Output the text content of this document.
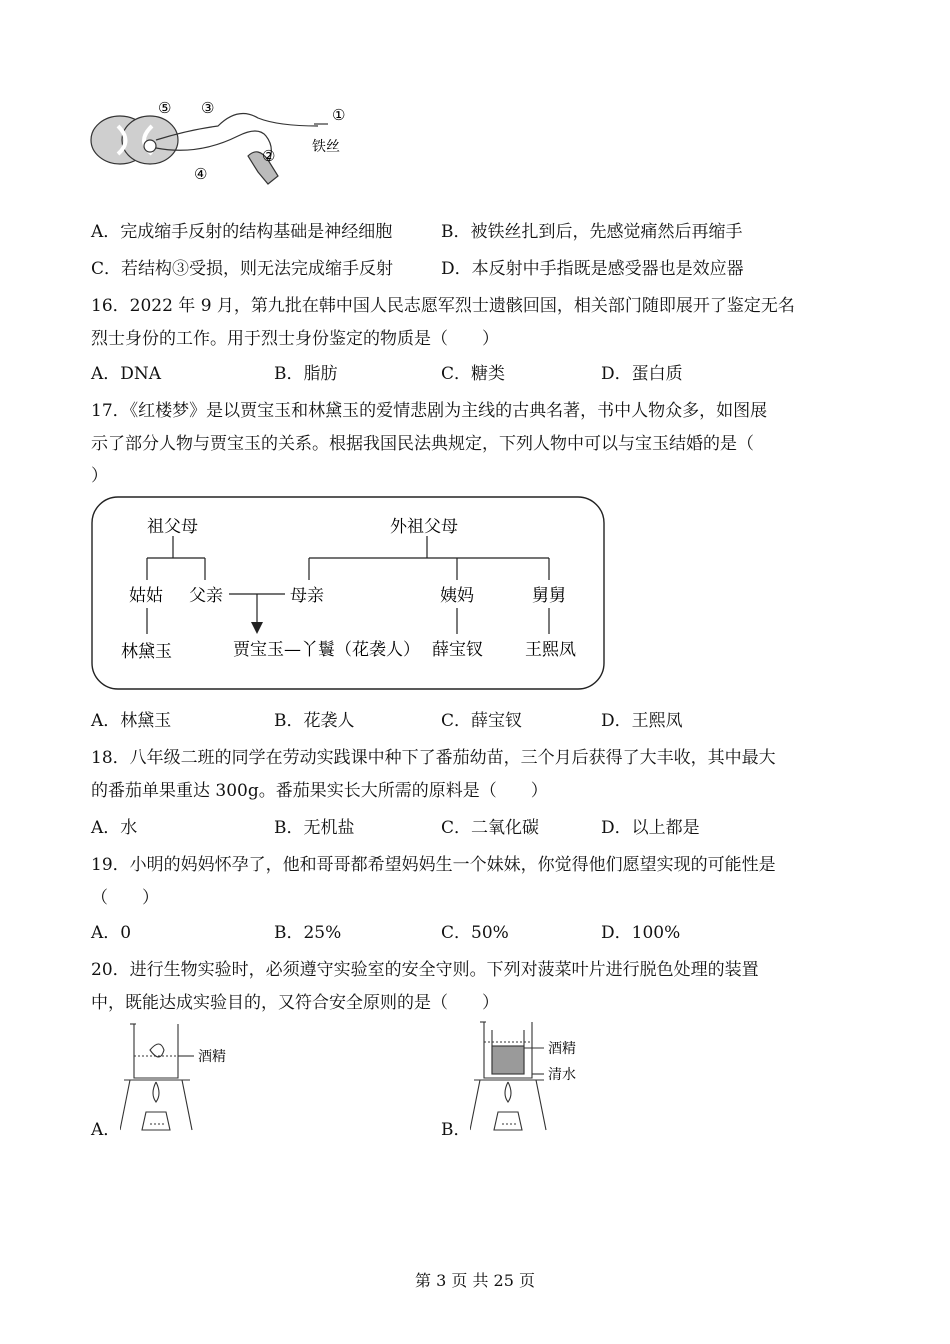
⑤ ③	①
②
④
铁丝
A．完成缩手反射的结构基础是神经细胞	B．被铁丝扎到后，先感觉痛然后再缩手
C．若结构③受损，则无法完成缩手反射	D．本反射中手指既是感受器也是效应器
16．2022 年 9 月，第九批在韩中国人民志愿军烈士遗骸回国，相关部门随即展开了鉴定无名
烈士身份的工作。用于烈士身份鉴定的物质是（　　）
A．DNA	B．脂肪	C．糖类	D．蛋白质
17．《红楼梦》是以贾宝玉和林黛玉的爱情悲剧为主线的古典名著，书中人物众多，如图展
示了部分人物与贾宝玉的关系。根据我国民法典规定，下列人物中可以与宝玉结婚的是（
）
祖父母	外祖父母
姑姑 父亲	母亲	姨妈	舅舅
林黛玉	贾宝玉—丫鬟（花袭人） 薛宝钗 王熙凤
A．林黛玉	B．花袭人	C．薛宝钗	D．王熙凤
18．八年级二班的同学在劳动实践课中种下了番茄幼苗，三个月后获得了大丰收，其中最大
的番茄单果重达 300g。番茄果实长大所需的原料是（　　）
A．水	B．无机盐	C．二氧化碳	D．以上都是
19．小明的妈妈怀孕了，他和哥哥都希望妈妈生一个妹妹，你觉得他们愿望实现的可能性是
（　　）
A．0	B．25%	C．50%	D．100%
20．进行生物实验时，必须遵守实验室的安全守则。下列对菠菜叶片进行脱色处理的装置
中，既能达成实验目的，又符合安全原则的是（　　）
A．
酒精
B．
酒精
清水
第 3 页 共 25 页
